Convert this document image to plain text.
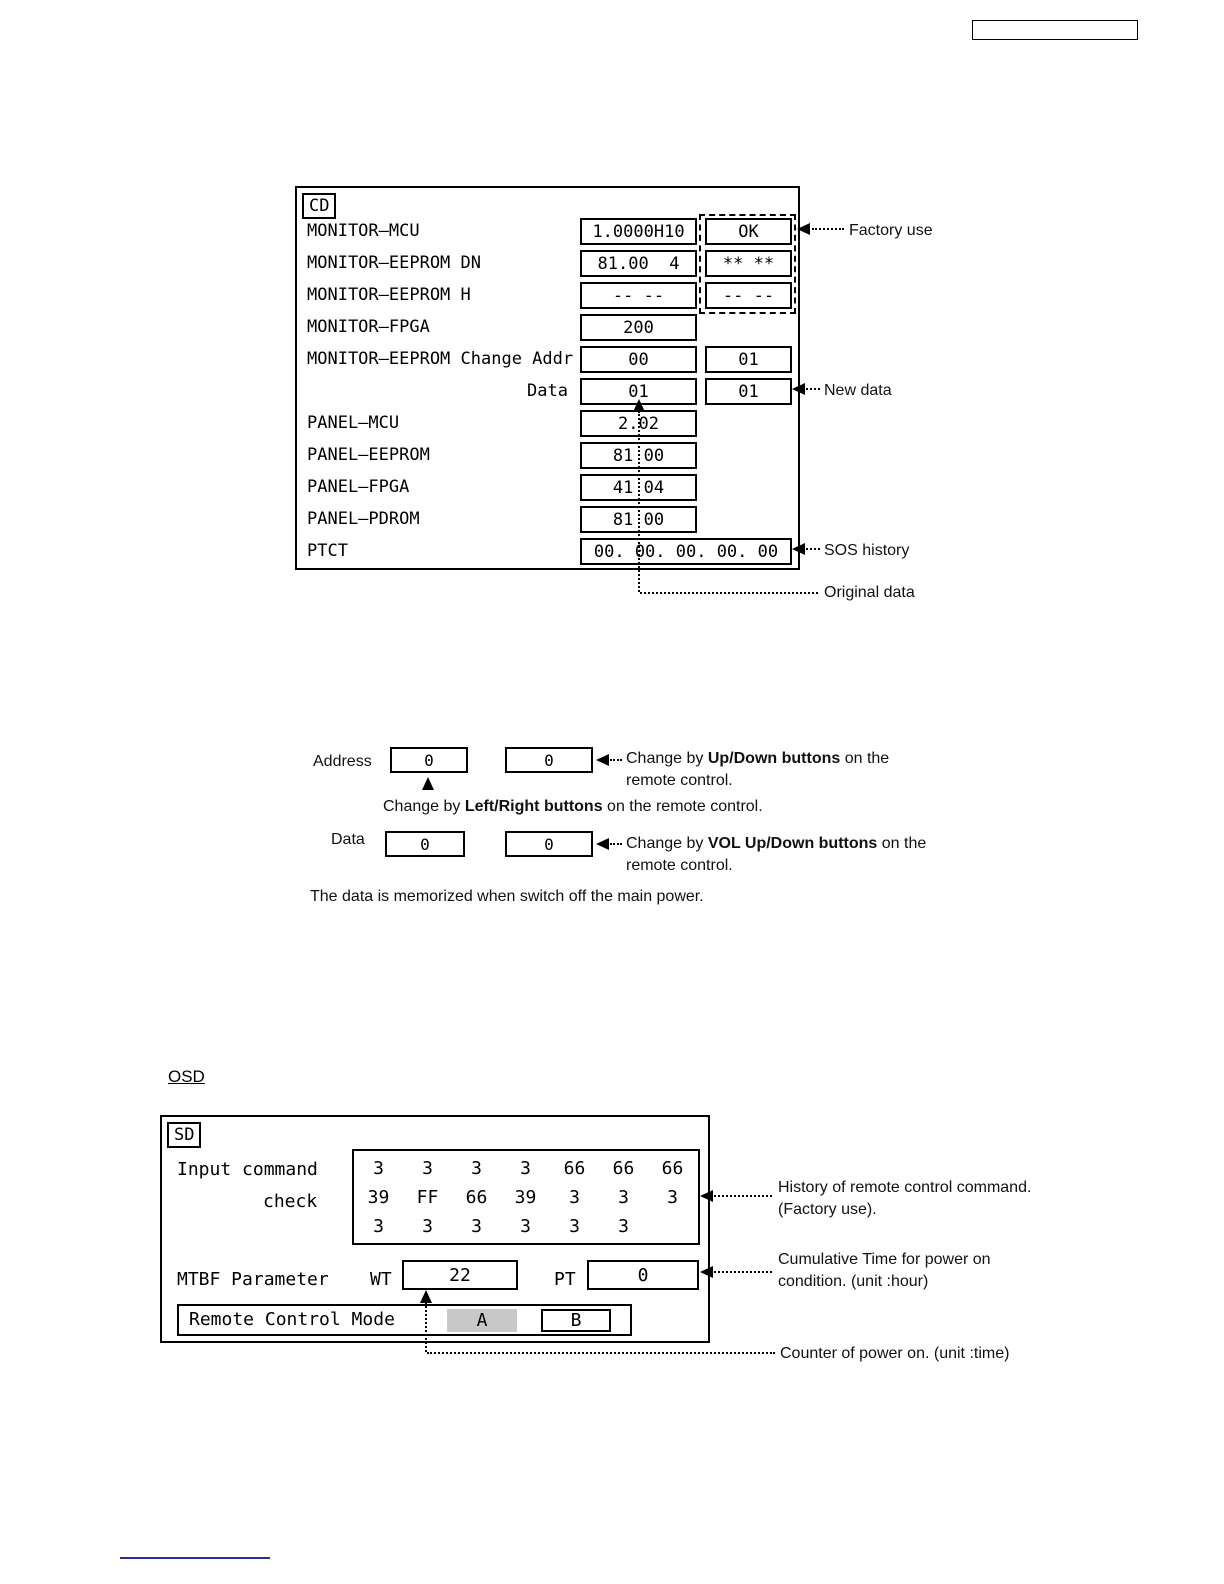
CD
MONITOR—MCU	1.0000H10	OK
MONITOR—EEPROM DN	81.00  4	** **
MONITOR—EEPROM H	-- --	-- --
MONITOR—FPGA	200
MONITOR—EEPROM Change Addr	00	01
Data	01	01
PANEL—MCU	2.02
PANEL—EEPROM	81 00
PANEL—FPGA	41 04
PANEL—PDROM	81 00
PTCT	00. 00. 00. 00. 00
Factory use
New data
SOS history
Original data
Address	0	0	Change by Up/Down buttons on the remote control.
Change by Left/Right buttons on the remote control.
Data	0	0	Change by VOL Up/Down buttons on the remote control.
The data is memorized when switch off the main power.
OSD
SD
Input command
check
3	3	3	3	66	66	66
39	FF	66	39	3	3	3
3	3	3	3	3	3
MTBF Parameter WT	22	PT	0
Remote Control Mode	A	B
History of remote control command.
(Factory use).
Cumulative Time for power on
condition. (unit :hour)
Counter of power on. (unit :time)
